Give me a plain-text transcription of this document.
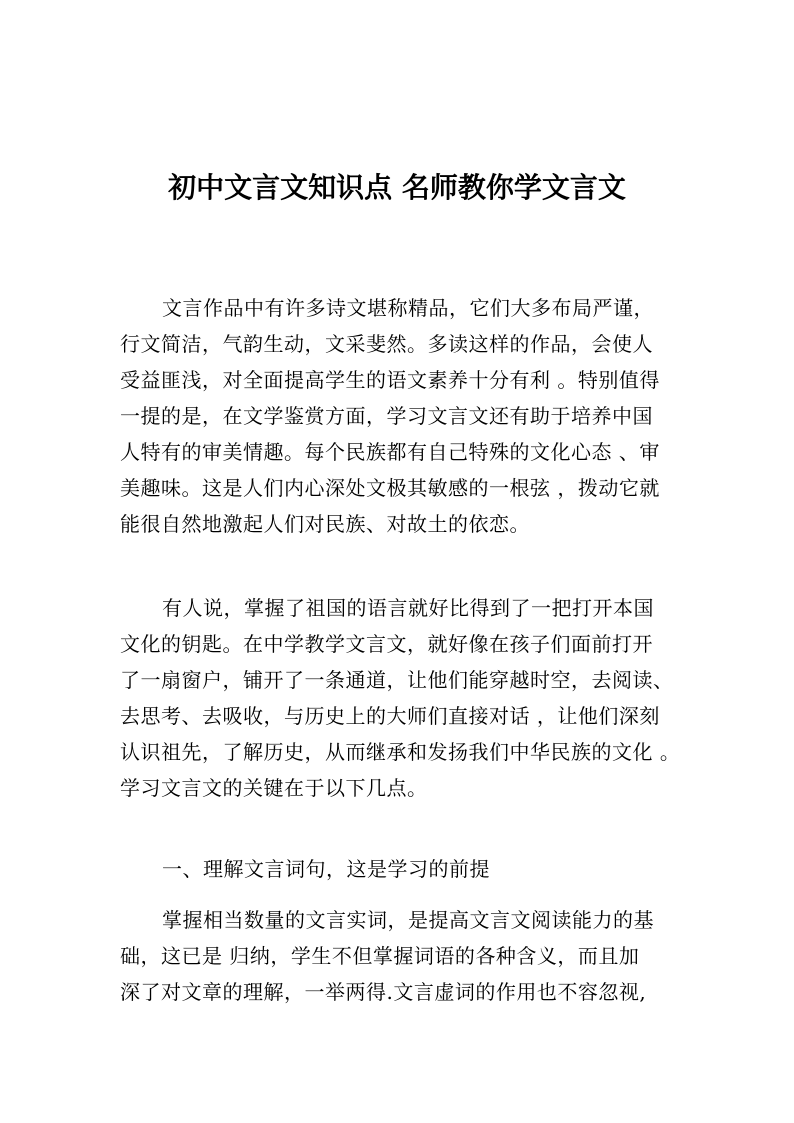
初中文言文知识点 名师教你学文言文
文言作品中有许多诗文堪称精品，它们大多布局严谨，
行文简洁，气韵生动，文采斐然。多读这样的作品，会使人
受益匪浅，对全面提高学生的语文素养十分有利 。特别值得
一提的是，在文学鉴赏方面，学习文言文还有助于培养中国
人特有的审美情趣。每个民族都有自己特殊的文化心态 、审
美趣味。这是人们内心深处文极其敏感的一根弦 ，拨动它就
能很自然地激起人们对民族、对故土的依恋。
有人说，掌握了祖国的语言就好比得到了一把打开本国
文化的钥匙。在中学教学文言文，就好像在孩子们面前打开
了一扇窗户，铺开了一条通道，让他们能穿越时空，去阅读、
去思考、去吸收，与历史上的大师们直接对话 ，让他们深刻
认识祖先，了解历史，从而继承和发扬我们中华民族的文化 。
学习文言文的关键在于以下几点。
一、理解文言词句，这是学习的前提
掌握相当数量的文言实词，是提高文言文阅读能力的基
础，这已是 归纳，学生不但掌握词语的各种含义，而且加
深了对文章的理解，一举两得.文言虚词的作用也不容忽视,
